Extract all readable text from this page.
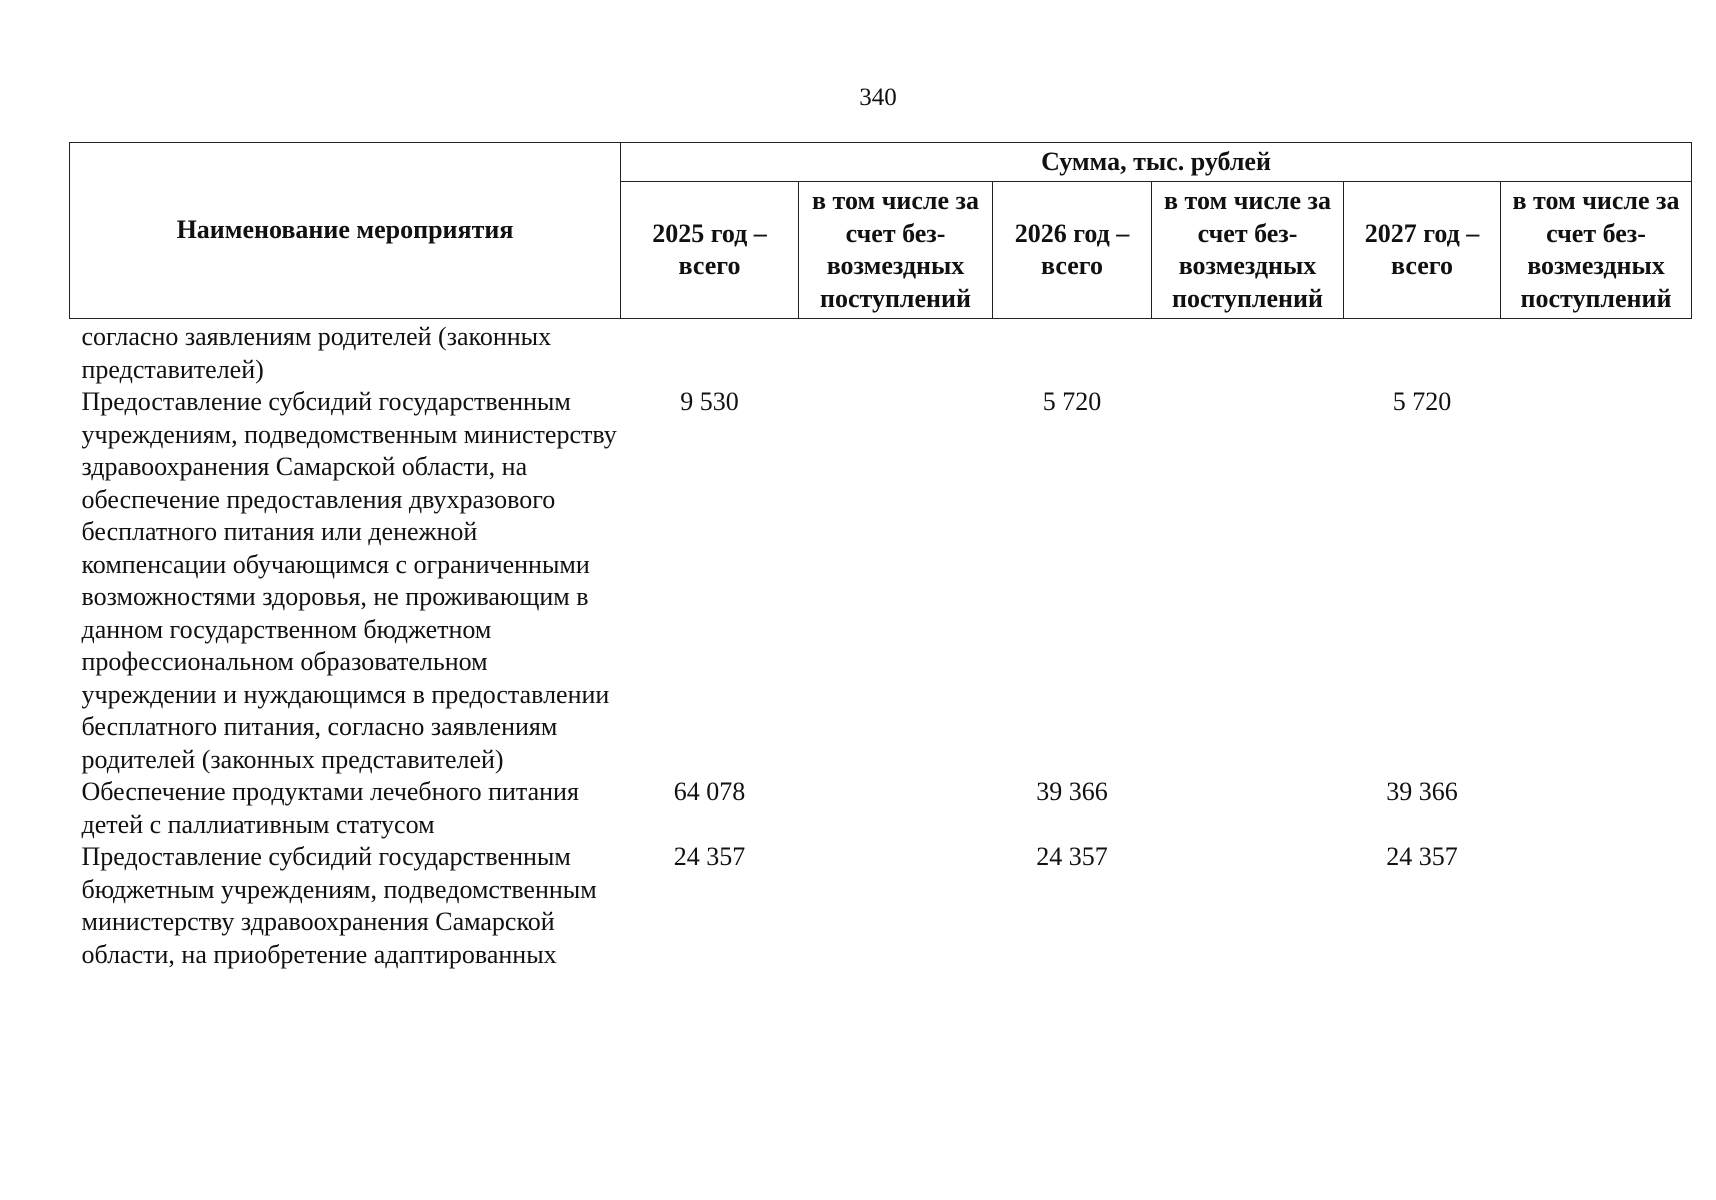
340
Наименование мероприятия	Сумма, тыс. рублей					
	2025 год – всего	в том числе за счет без-возмездных поступлений	2026 год – всего	в том числе за счет без-возмездных поступлений	2027 год – всего	в том числе за счет без-возмездных поступлений

согласно заявлениям родителей (законных представителей)						

Предоставление субсидий государственным учреждениям, подведомственным министерству здравоохранения Самарской области, на обеспечение предоставления двухразового бесплатного питания или денежной компенсации обучающимся с ограниченными возможностями здоровья, не проживающим в данном государственном бюджетном профессиональном образовательном учреждении и нуждающимся в предоставлении бесплатного питания, согласно заявлениям родителей (законных представителей)	9 530		5 720		5 720	

Обеспечение продуктами лечебного питания детей с паллиативным статусом	64 078		39 366		39 366	

Предоставление субсидий государственным бюджетным учреждениям, подведомственным министерству здравоохранения Самарской области, на приобретение адаптированных	24 357		24 357		24 357	
